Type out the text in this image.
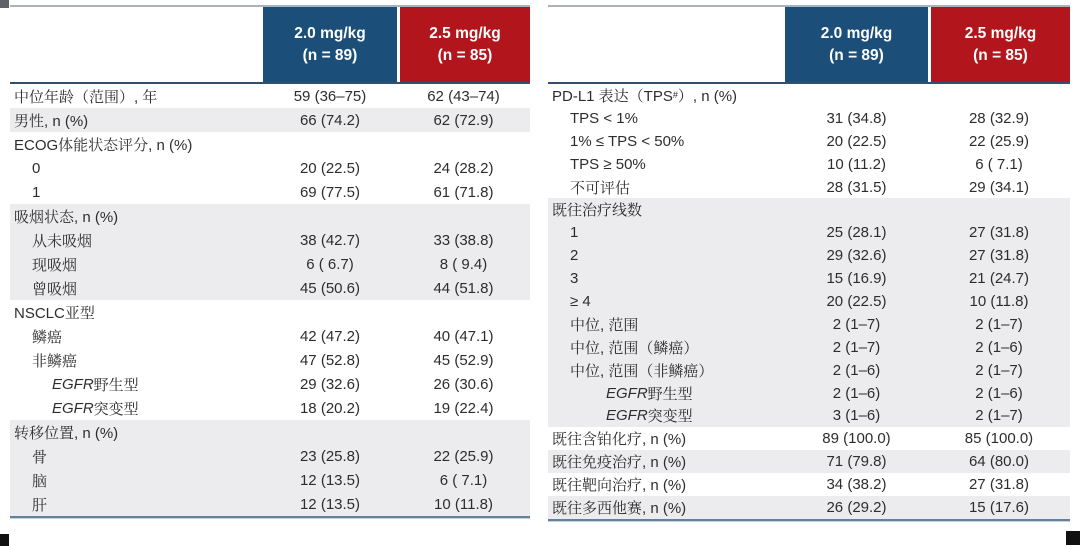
2.0 mg/kg
(n = 89)
2.5 mg/kg
(n = 85)
中位年龄（范围）, 年	59 (36–75)	62 (43–74)
男性, n (%)	66 (74.2)	62 (72.9)
ECOG体能状态评分, n (%)
0	20 (22.5)	24 (28.2)
1	69 (77.5)	61 (71.8)
吸烟状态, n (%)
从未吸烟	38 (42.7)	33 (38.8)
现吸烟	6 ( 6.7)	8 ( 9.4)
曾吸烟	45 (50.6)	44 (51.8)
NSCLC亚型
鳞癌	42 (47.2)	40 (47.1)
非鳞癌	47 (52.8)	45 (52.9)
EGFR 野生型	29 (32.6)	26 (30.6)
EGFR 突变型	18 (20.2)	19 (22.4)
转移位置, n (%)
骨	23 (25.8)	22 (25.9)
脑	12 (13.5)	6 ( 7.1)
肝	12 (13.5)	10 (11.8)
2.0 mg/kg
(n = 89)
2.5 mg/kg
(n = 85)
PD-L1 表达（TPS # ）, n (%)
TPS < 1%	31 (34.8)	28 (32.9)
1% ≤ TPS < 50%	20 (22.5)	22 (25.9)
TPS ≥ 50%	10 (11.2)	6 ( 7.1)
不可评估	28 (31.5)	29 (34.1)
既往治疗线数
1	25 (28.1)	27 (31.8)
2	29 (32.6)	27 (31.8)
3	15 (16.9)	21 (24.7)
≥ 4	20 (22.5)	10 (11.8)
中位, 范围	2 (1–7)	2 (1–7)
中位, 范围（鳞癌）	2 (1–7)	2 (1–6)
中位, 范围（非鳞癌）	2 (1–6)	2 (1–7)
EGFR 野生型	2 (1–6)	2 (1–6)
EGFR 突变型	3 (1–6)	2 (1–7)
既往含铂化疗, n (%)	89 (100.0)	85 (100.0)
既往免疫治疗, n (%)	71 (79.8)	64 (80.0)
既往靶向治疗, n (%)	34 (38.2)	27 (31.8)
既往多西他赛, n (%)	26 (29.2)	15 (17.6)
